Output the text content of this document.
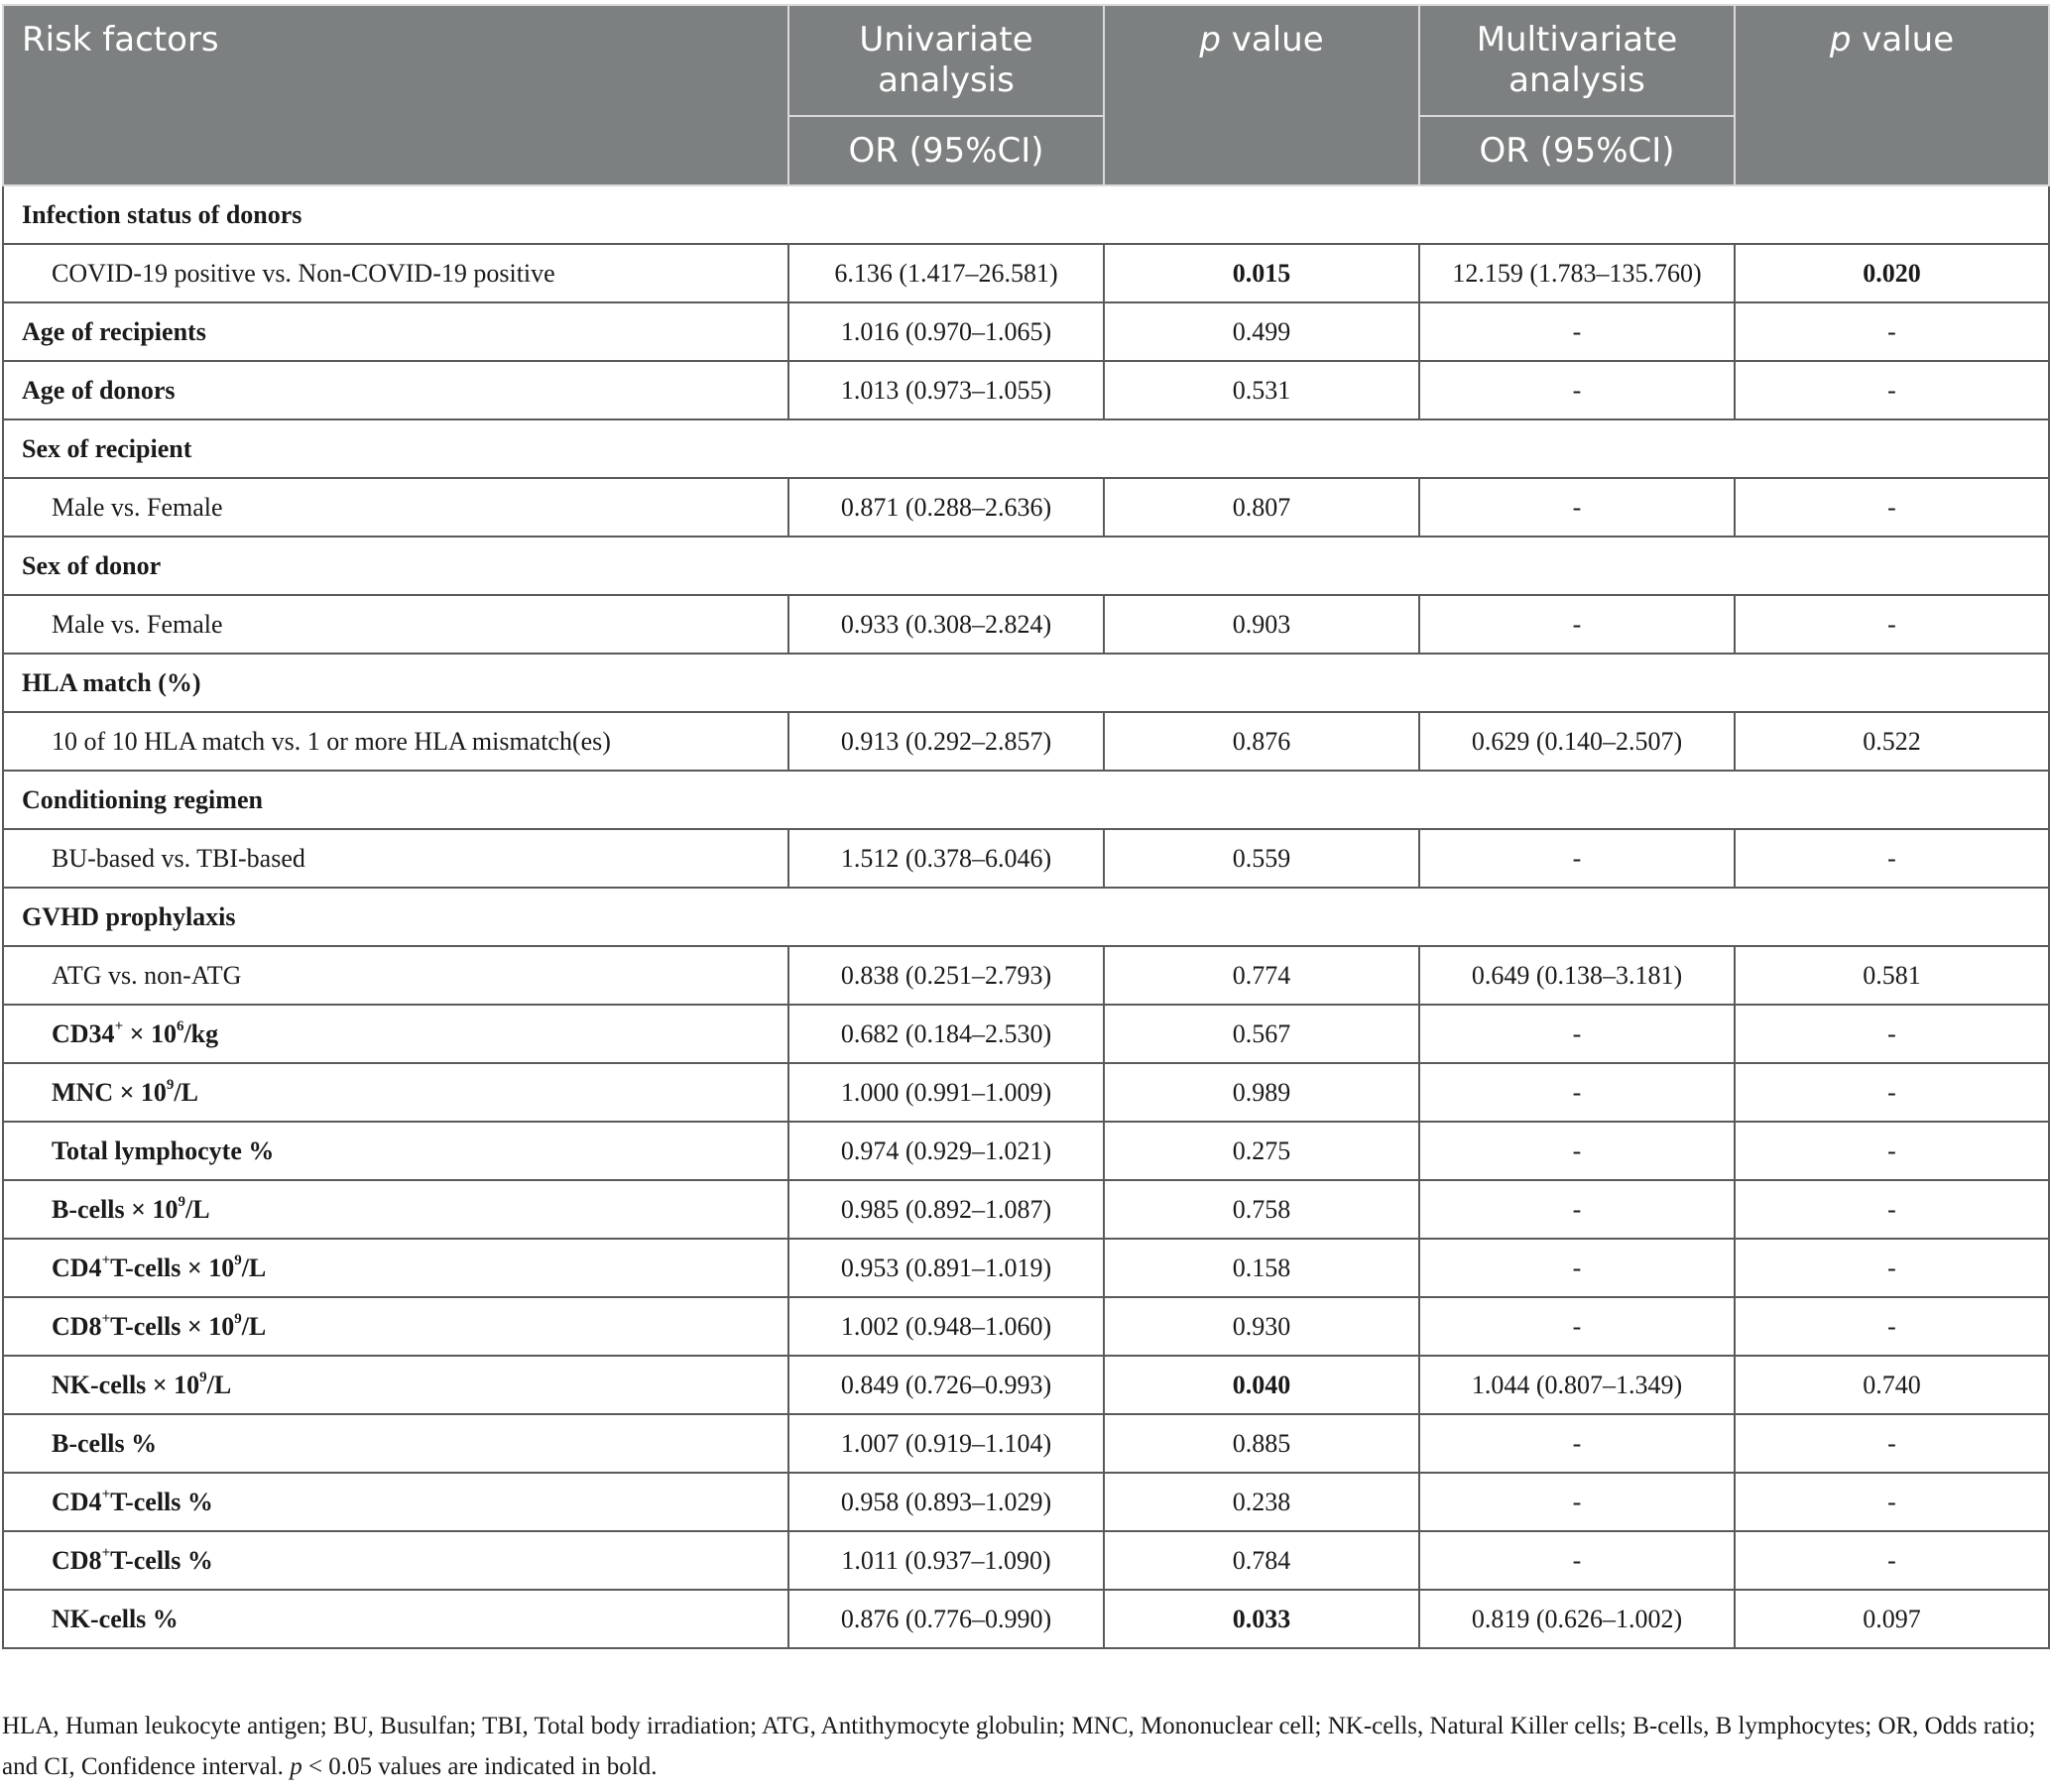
Risk factors	Univariate analysis	p value	Multivariate analysis	p value
	OR (95%CI)		OR (95%CI)	
Infection status of donors				
COVID-19 positive vs. Non-COVID-19 positive	6.136 (1.417–26.581)	0.015	12.159 (1.783–135.760)	0.020
Age of recipients	1.016 (0.970–1.065)	0.499	-	-
Age of donors	1.013 (0.973–1.055)	0.531	-	-
Sex of recipient				
Male vs. Female	0.871 (0.288–2.636)	0.807	-	-
Sex of donor				
Male vs. Female	0.933 (0.308–2.824)	0.903	-	-
HLA match (%)				
10 of 10 HLA match vs. 1 or more HLA mismatch(es)	0.913 (0.292–2.857)	0.876	0.629 (0.140–2.507)	0.522
Conditioning regimen				
BU-based vs. TBI-based	1.512 (0.378–6.046)	0.559	-	-
GVHD prophylaxis				
ATG vs. non-ATG	0.838 (0.251–2.793)	0.774	0.649 (0.138–3.181)	0.581
$CD34^+ \times 10^6/kg$	0.682 (0.184–2.530)	0.567	-	-
MNC × $10^9/L$	1.000 (0.991–1.009)	0.989	-	-
Total lymphocyte %	0.974 (0.929–1.021)	0.275	-	-
B-cells × $10^9/L$	0.985 (0.892–1.087)	0.758	-	-
CD4+T-cells × $10^9/L$	0.953 (0.891–1.019)	0.158	-	-
CD8+T-cells × $10^9/L$	1.002 (0.948–1.060)	0.930	-	-
NK-cells × $10^9/L$	0.849 (0.726–0.993)	0.040	1.044 (0.807–1.349)	0.740
B-cells %	1.007 (0.919–1.104)	0.885	-	-
CD4+T-cells %	0.958 (0.893–1.029)	0.238	-	-
CD8+T-cells %	1.011 (0.937–1.090)	0.784	-	-
NK-cells %	0.876 (0.776–0.990)	0.033	0.819 (0.626–1.002)	0.097
HLA, Human leukocyte antigen; BU, Busulfan; TBI, Total body irradiation; ATG, Antithymocyte globulin; MNC, Mononuclear cell; NK-cells, Natural Killer cells; B-cells, B lymphocytes; OR, Odds ratio; and CI, Confidence interval. p < 0.05 values are indicated in bold.
